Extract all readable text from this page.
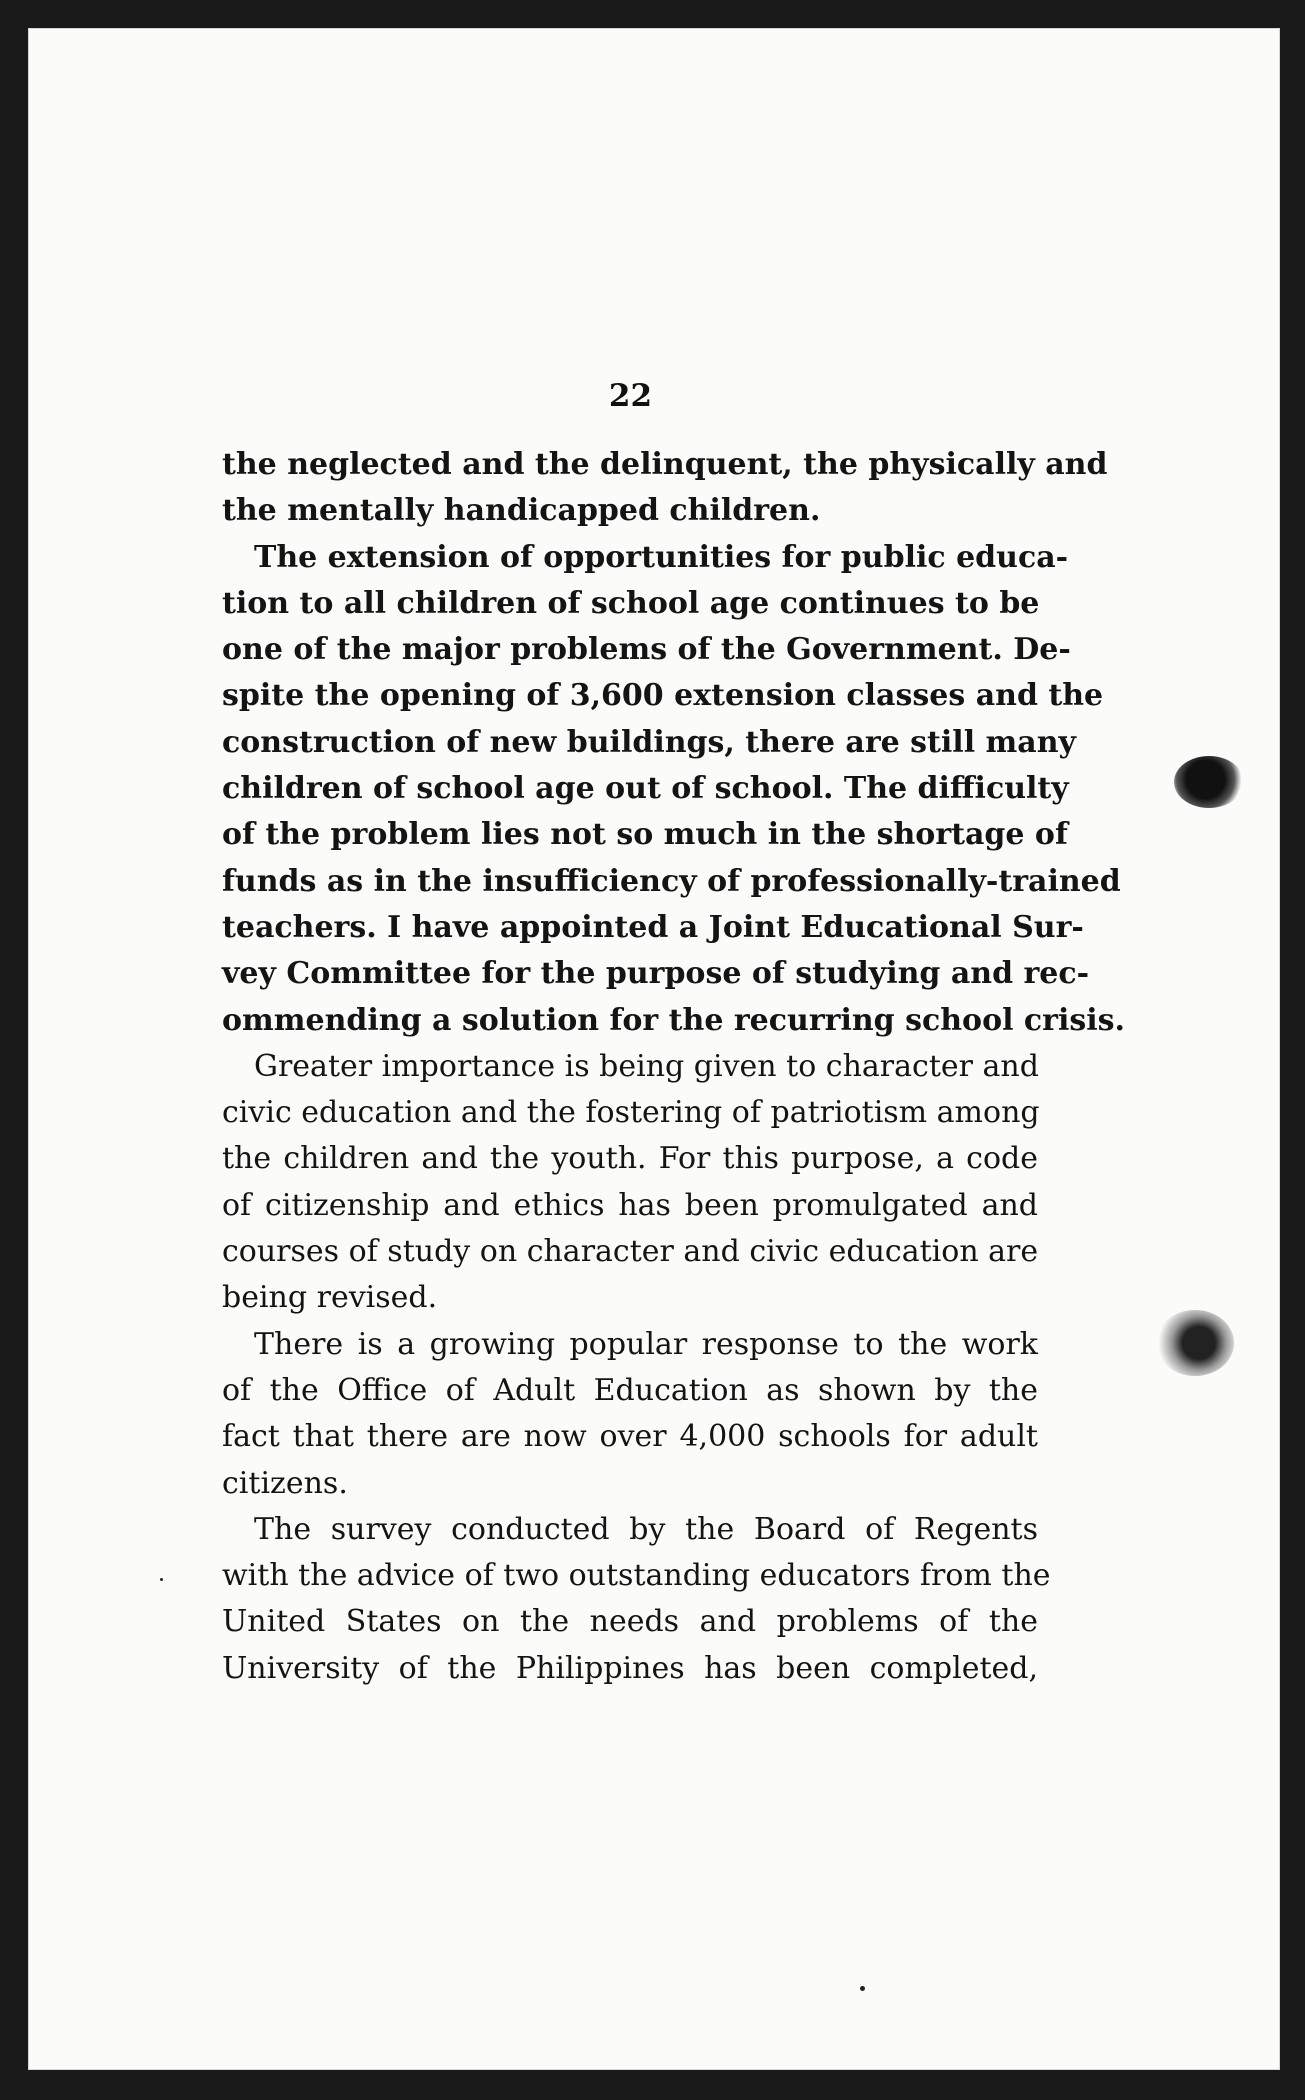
22
the neglected and the delinquent, the physically and
the mentally handicapped children.
The extension of opportunities for public educa-
tion to all children of school age continues to be
one of the major problems of the Government. De-
spite the opening of 3,600 extension classes and the
construction of new buildings, there are still many
children of school age out of school. The difficulty
of the problem lies not so much in the shortage of
funds as in the insufficiency of professionally-trained
teachers. I have appointed a Joint Educational Sur-
vey Committee for the purpose of studying and rec-
ommending a solution for the recurring school crisis.
Greater importance is being given to character and
civic education and the fostering of patriotism among
the children and the youth. For this purpose, a code
of citizenship and ethics has been promulgated and
courses of study on character and civic education are
being revised.
There is a growing popular response to the work
of the Office of Adult Education as shown by the
fact that there are now over 4,000 schools for adult
citizens.
The survey conducted by the Board of Regents
with the advice of two outstanding educators from the
United States on the needs and problems of the
University of the Philippines has been completed,
